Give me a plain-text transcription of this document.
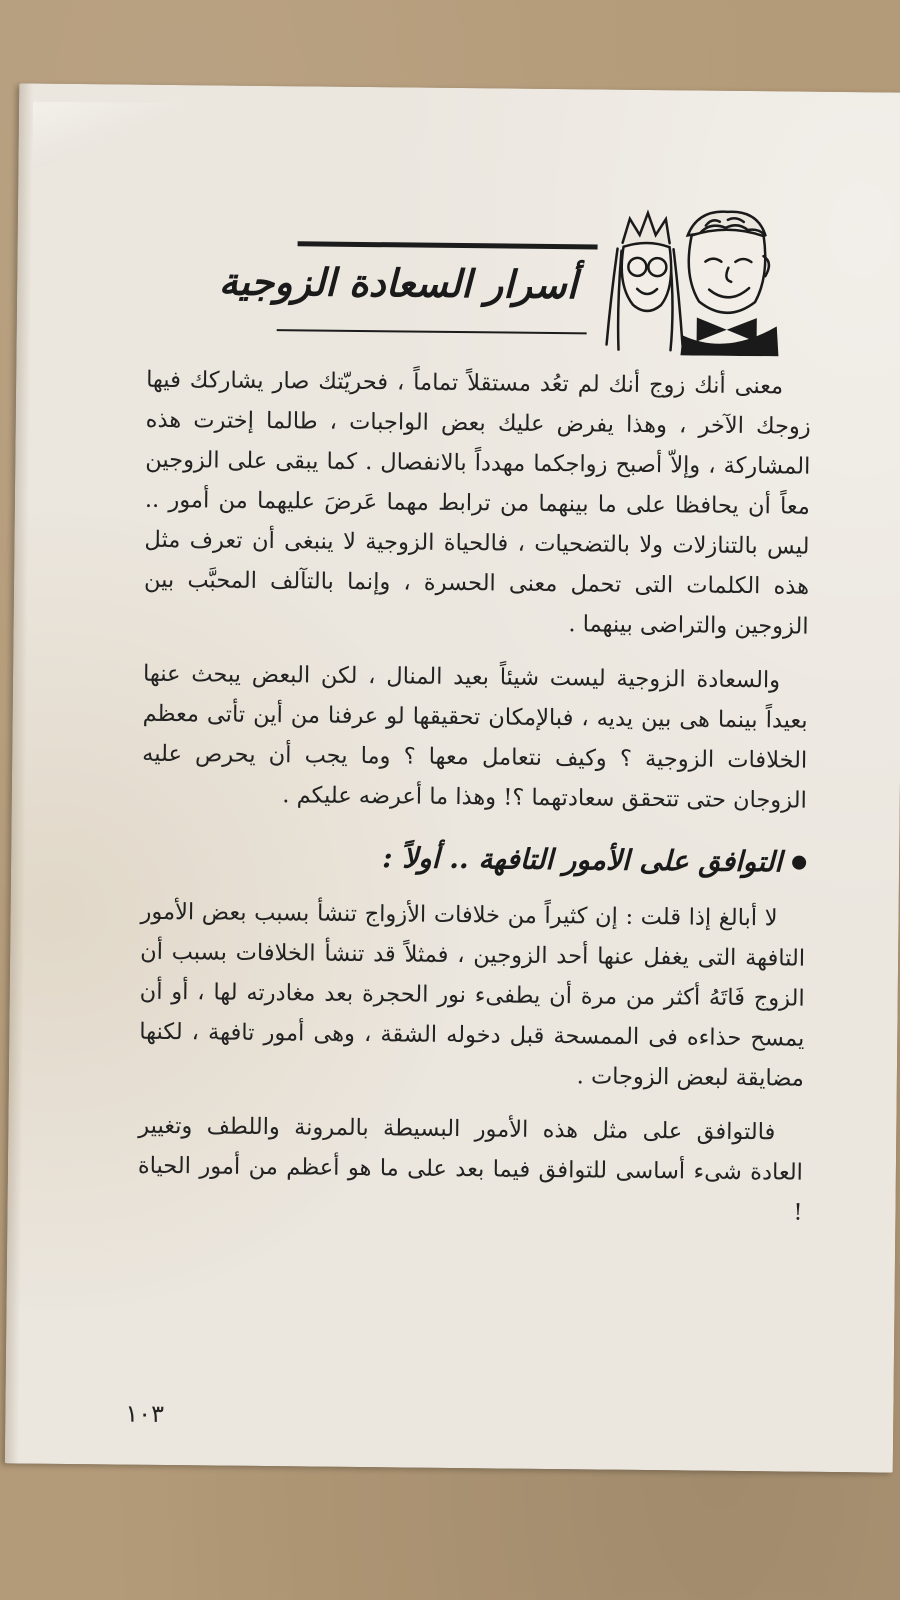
أسرار السعادة الزوجية

معنى أنك زوج أنك لم تعُد مستقلاً تماماً ، فحريّتك صار يشاركك فيها زوجك الآخر ، وهذا يفرض عليك بعض الواجبات ، طالما إخترت هذه المشاركة ، وإلاّ أصبح زواجكما مهدداً بالانفصال . كما يبقى على الزوجين معاً أن يحافظا على ما بينهما من ترابط مهما عَرضَ عليهما من أمور .. ليس بالتنازلات ولا بالتضحيات ، فالحياة الزوجية لا ينبغى أن تعرف مثل هذه الكلمات التى تحمل معنى الحسرة ، وإنما بالتآلف المحبَّب بين الزوجين والتراضى بينهما .

والسعادة الزوجية ليست شيئاً بعيد المنال ، لكن البعض يبحث عنها بعيداً بينما هى بين يديه ، فبالإمكان تحقيقها لو عرفنا من أين تأتى معظم الخلافات الزوجية ؟ وكيف نتعامل معها ؟ وما يجب أن يحرص عليه الزوجان حتى تتحقق سعادتهما ؟! وهذا ما أعرضه عليكم .

التوافق على الأمور التافهة .. أولاً :

لا أبالغ إذا قلت : إن كثيراً من خلافات الأزواج تنشأ بسبب بعض الأمور التافهة التى يغفل عنها أحد الزوجين ، فمثلاً قد تنشأ الخلافات بسبب أن الزوج فَاتَهُ أكثر من مرة أن يطفىء نور الحجرة بعد مغادرته لها ، أو أن يمسح حذاءه فى الممسحة قبل دخوله الشقة ، وهى أمور تافهة ، لكنها مضايقة لبعض الزوجات .

فالتوافق على مثل هذه الأمور البسيطة بالمرونة واللطف وتغيير العادة شىء أساسى للتوافق فيما بعد على ما هو أعظم من أمور الحياة !

١٠٣
